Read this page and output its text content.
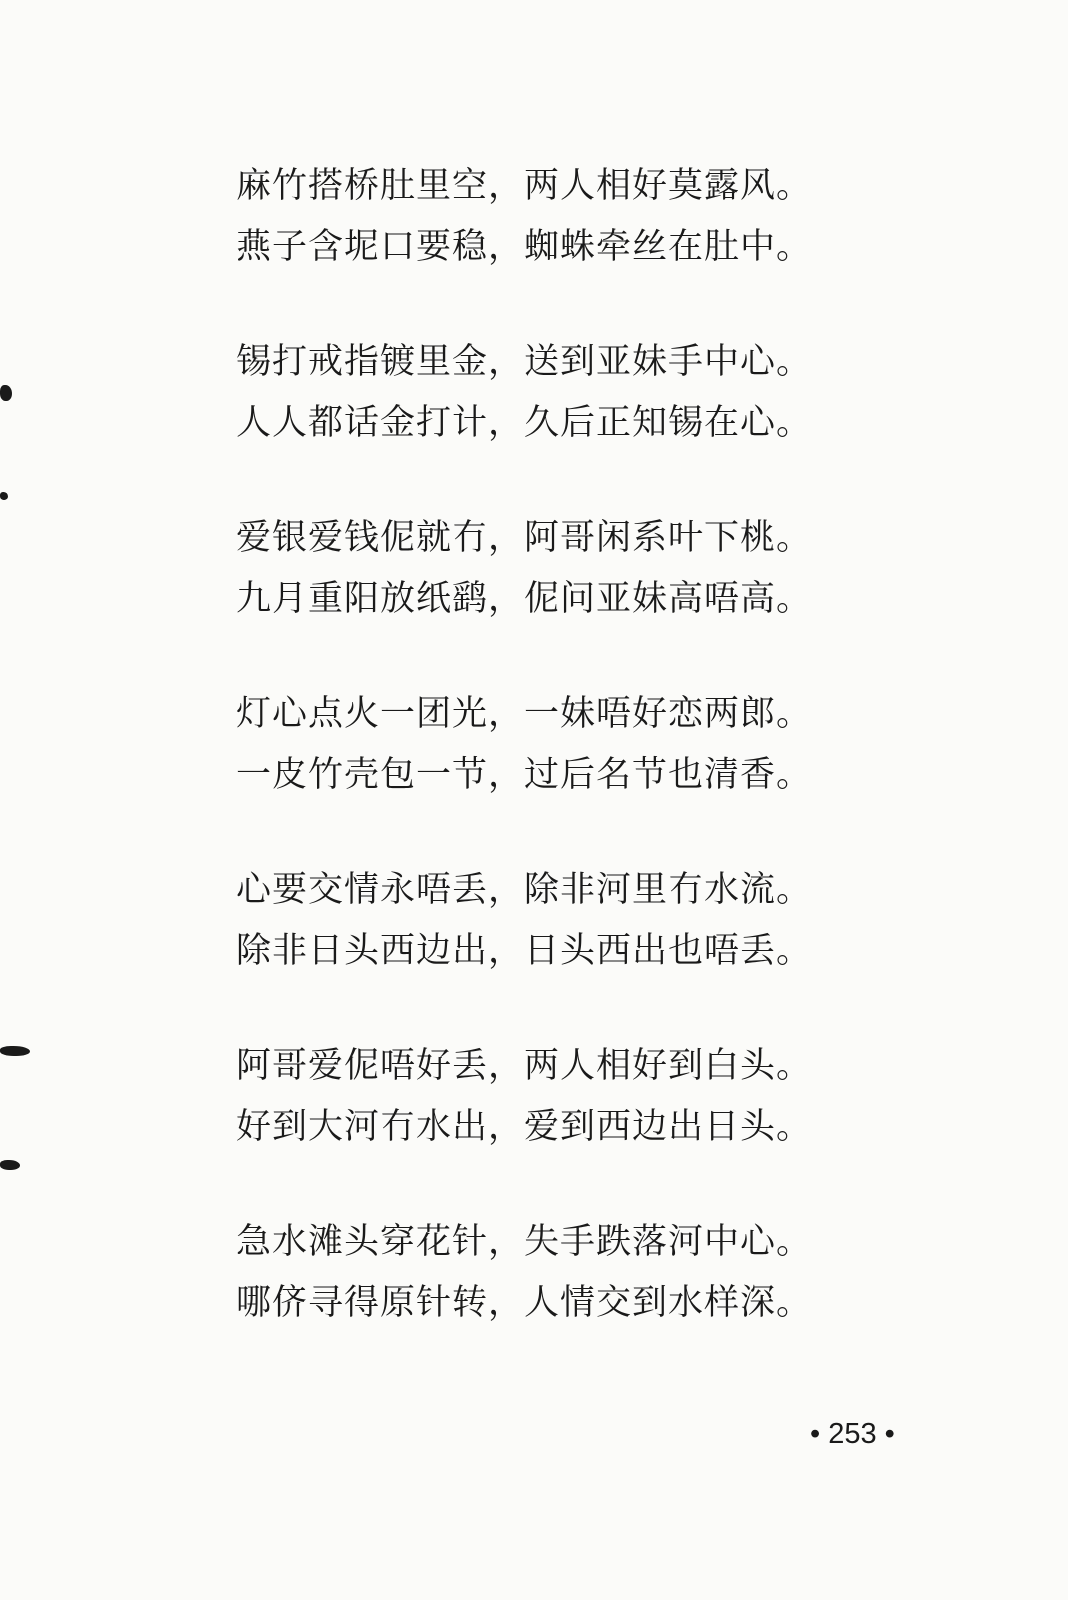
麻竹搭桥肚里空，两人相好莫露风。
燕子含坭口要稳，蜘蛛牵丝在肚中。
锡打戒指镀里金，送到亚妹手中心。
人人都话金打计，久后正知锡在心。
爱银爱钱伲就冇，阿哥闲系叶下桃。
九月重阳放纸鹞，伲问亚妹高唔高。
灯心点火一团光，一妹唔好恋两郎。
一皮竹壳包一节，过后名节也清香。
心要交情永唔丢，除非河里冇水流。
除非日头西边出，日头西出也唔丢。
阿哥爱伲唔好丢，两人相好到白头。
好到大河冇水出，爱到西边出日头。
急水滩头穿花针，失手跌落河中心。
哪侪寻得原针转，人情交到水样深。
• 253 •
